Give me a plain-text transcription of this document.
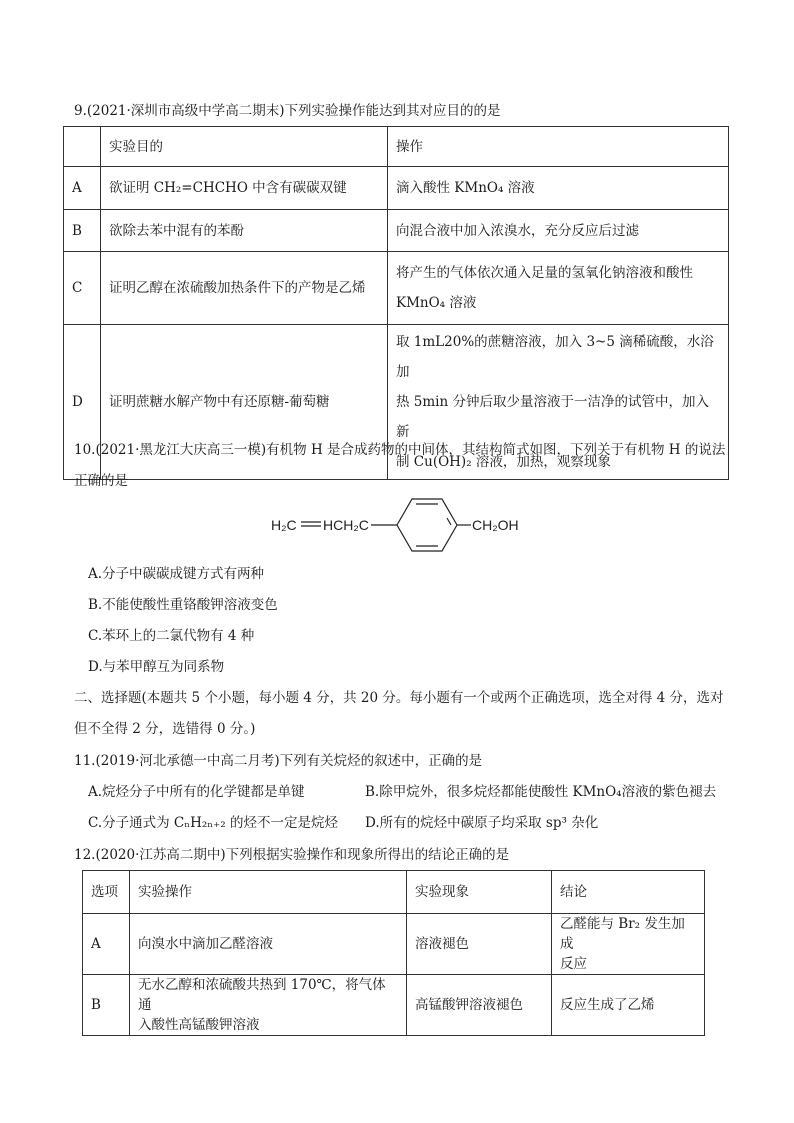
9.(2021·深圳市高级中学高二期末)下列实验操作能达到其对应目的的是
	实验目的	操作
A	欲证明 CH₂=CHCHO 中含有碳碳双键	滴入酸性 KMnO₄ 溶液
B	欲除去苯中混有的苯酚	向混合液中加入浓溴水，充分反应后过滤
C	证明乙醇在浓硫酸加热条件下的产物是乙烯	将产生的气体依次通入足量的氢氧化钠溶液和酸性
KMnO₄ 溶液

D	证明蔗糖水解产物中有还原糖-葡萄糖	取 1mL20%的蔗糖溶液，加入 3~5 滴稀硫酸，水浴加
热 5min 分钟后取少量溶液于一洁净的试管中，加入新
制 Cu(OH)₂ 溶液，加热，观察现象
10.(2021·黑龙江大庆高三一模)有机物 H 是合成药物的中间体，其结构简式如图，下列关于有机物 H 的说法
正确的是
H₂C HCH₂C	CH₂OH
A.分子中碳碳成键方式有两种
B.不能使酸性重铬酸钾溶液变色
C.苯环上的二氯代物有 4 种
D.与苯甲醇互为同系物
二、选择题(本题共 5 个小题，每小题 4 分，共 20 分。每小题有一个或两个正确选项，选全对得 4 分，选对
但不全得 2 分，选错得 0 分。)
11.(2019·河北承德一中高二月考)下列有关烷烃的叙述中，正确的是
A.烷烃分子中所有的化学键都是单键	B.除甲烷外，很多烷烃都能使酸性 KMnO₄溶液的紫色褪去
C.分子通式为 CₙH₂ₙ₊₂ 的烃不一定是烷烃 D.所有的烷烃中碳原子均采取 sp³ 杂化
12.(2020·江苏高二期中)下列根据实验操作和现象所得出的结论正确的是
选项	实验操作	实验现象	结论
A	向溴水中滴加乙醛溶液	溶液褪色	乙醛能与 Br₂ 发生加成
反应

B	无水乙醇和浓硫酸共热到 170℃，将气体通
入酸性高锰酸钾溶液	高锰酸钾溶液褪色	反应生成了乙烯
